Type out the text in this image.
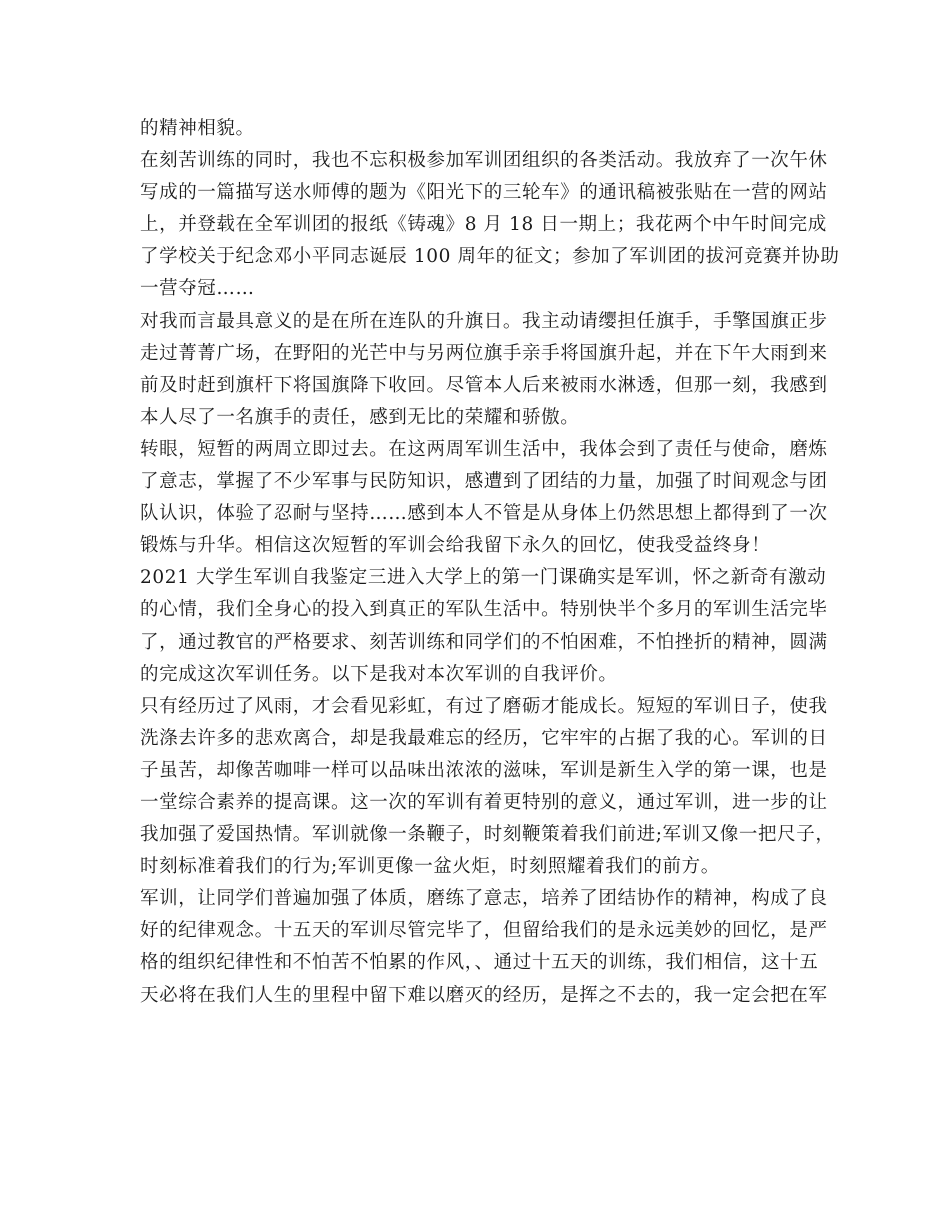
的精神相貌。
在刻苦训练的同时，我也不忘积极参加军训团组织的各类活动。我放弃了一次午休
写成的一篇描写送水师傅的题为《阳光下的三轮车》的通讯稿被张贴在一营的网站
上，并登载在全军训团的报纸《铸魂》8 月 18 日一期上；我花两个中午时间完成
了学校关于纪念邓小平同志诞辰 100 周年的征文；参加了军训团的拔河竞赛并协助
一营夺冠……
对我而言最具意义的是在所在连队的升旗日。我主动请缨担任旗手，手擎国旗正步
走过菁菁广场，在野阳的光芒中与另两位旗手亲手将国旗升起，并在下午大雨到来
前及时赶到旗杆下将国旗降下收回。尽管本人后来被雨水淋透，但那一刻，我感到
本人尽了一名旗手的责任，感到无比的荣耀和骄傲。
转眼，短暂的两周立即过去。在这两周军训生活中，我体会到了责任与使命，磨炼
了意志，掌握了不少军事与民防知识，感遭到了团结的力量，加强了时间观念与团
队认识，体验了忍耐与坚持……感到本人不管是从身体上仍然思想上都得到了一次
锻炼与升华。相信这次短暂的军训会给我留下永久的回忆，使我受益终身！
2021 大学生军训自我鉴定三进入大学上的第一门课确实是军训，怀之新奇有激动
的心情，我们全身心的投入到真正的军队生活中。特别快半个多月的军训生活完毕
了，通过教官的严格要求、刻苦训练和同学们的不怕困难，不怕挫折的精神，圆满
的完成这次军训任务。以下是我对本次军训的自我评价。
只有经历过了风雨，才会看见彩虹，有过了磨砺才能成长。短短的军训日子，使我
洗涤去许多的悲欢离合，却是我最难忘的经历，它牢牢的占据了我的心。军训的日
子虽苦，却像苦咖啡一样可以品味出浓浓的滋味，军训是新生入学的第一课，也是
一堂综合素养的提高课。这一次的军训有着更特别的意义，通过军训，进一步的让
我加强了爱国热情。军训就像一条鞭子，时刻鞭策着我们前进;军训又像一把尺子，
时刻标准着我们的行为;军训更像一盆火炬，时刻照耀着我们的前方。
军训，让同学们普遍加强了体质，磨练了意志，培养了团结协作的精神，构成了良
好的纪律观念。十五天的军训尽管完毕了，但留给我们的是永远美妙的回忆，是严
格的组织纪律性和不怕苦不怕累的作风，、通过十五天的训练，我们相信，这十五
天必将在我们人生的里程中留下难以磨灭的经历，是挥之不去的，我一定会把在军
